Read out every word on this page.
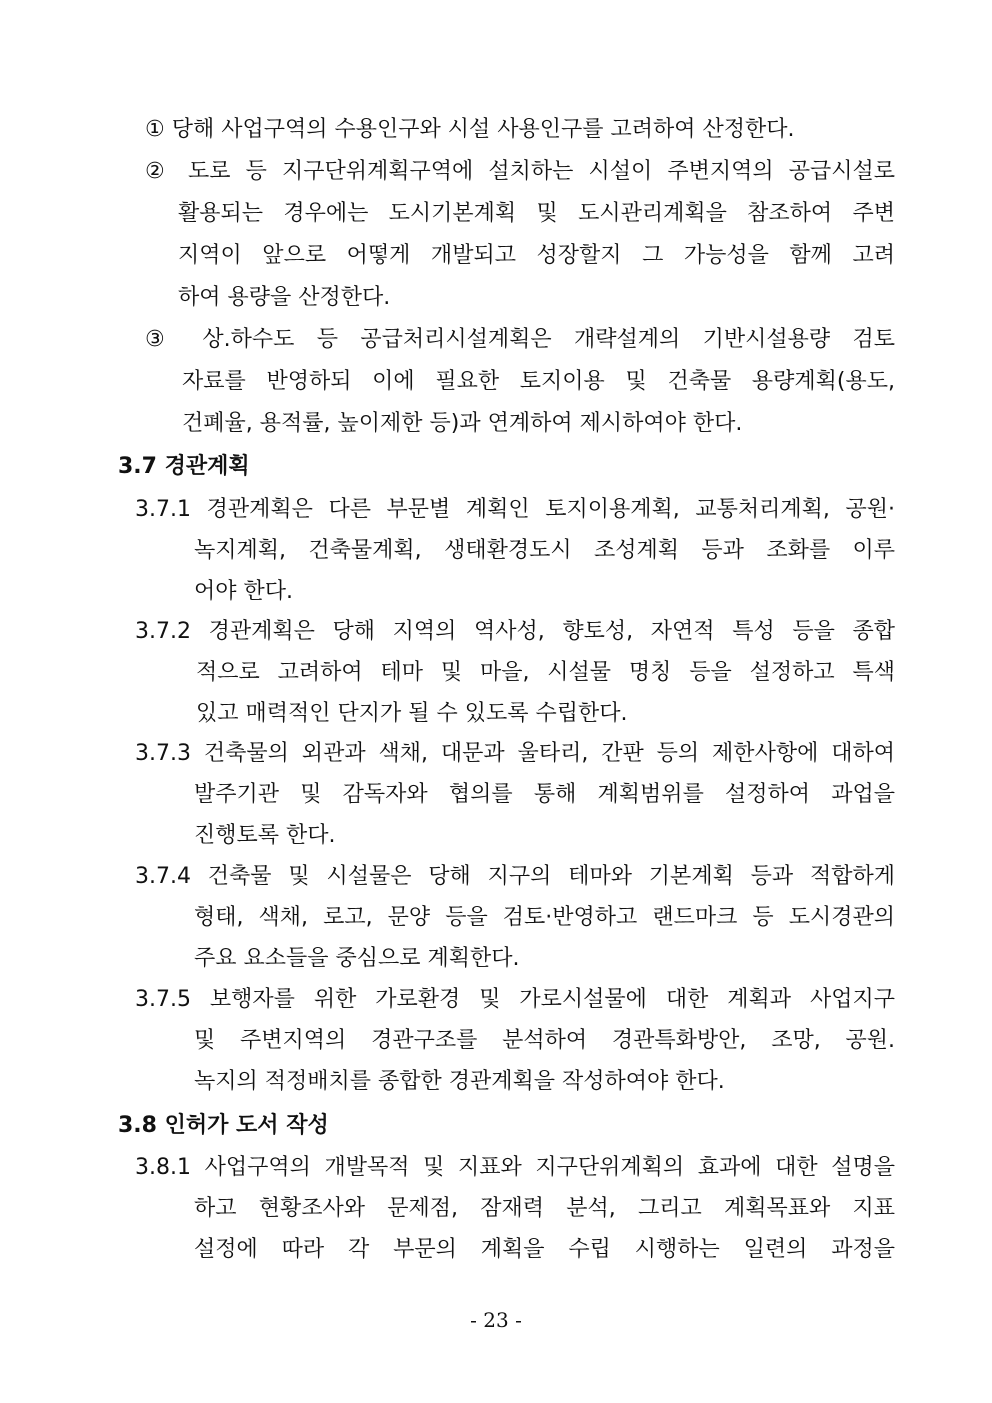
① 당해 사업구역의 수용인구와 시설 사용인구를 고려하여 산정한다.
② 도로 등 지구단위계획구역에 설치하는 시설이 주변지역의 공급시설로
활용되는 경우에는 도시기본계획 및 도시관리계획을 참조하여 주변
지역이 앞으로 어떻게 개발되고 성장할지 그 가능성을 함께 고려
하여 용량을 산정한다.
③ 상.하수도 등 공급처리시설계획은 개략설계의 기반시설용량 검토
자료를 반영하되 이에 필요한 토지이용 및 건축물 용량계획(용도,
건폐율, 용적률, 높이제한 등)과 연계하여 제시하여야 한다.
3.7 경관계획
3.7.1 경관계획은 다른 부문별 계획인 토지이용계획, 교통처리계획, 공원·
녹지계획, 건축물계획, 생태환경도시 조성계획 등과 조화를 이루
어야 한다.
3.7.2 경관계획은 당해 지역의 역사성, 향토성, 자연적 특성 등을 종합
적으로 고려하여 테마 및 마을, 시설물 명칭 등을 설정하고 특색
있고 매력적인 단지가 될 수 있도록 수립한다.
3.7.3 건축물의 외관과 색채, 대문과 울타리, 간판 등의 제한사항에 대하여
발주기관 및 감독자와 협의를 통해 계획범위를 설정하여 과업을
진행토록 한다.
3.7.4 건축물 및 시설물은 당해 지구의 테마와 기본계획 등과 적합하게
형태, 색채, 로고, 문양 등을 검토·반영하고 랜드마크 등 도시경관의
주요 요소들을 중심으로 계획한다.
3.7.5 보행자를 위한 가로환경 및 가로시설물에 대한 계획과 사업지구
및 주변지역의 경관구조를 분석하여 경관특화방안, 조망, 공원.
녹지의 적정배치를 종합한 경관계획을 작성하여야 한다.
3.8 인허가 도서 작성
3.8.1 사업구역의 개발목적 및 지표와 지구단위계획의 효과에 대한 설명을
하고 현황조사와 문제점, 잠재력 분석, 그리고 계획목표와 지표
설정에 따라 각 부문의 계획을 수립 시행하는 일련의 과정을
- 23 -
